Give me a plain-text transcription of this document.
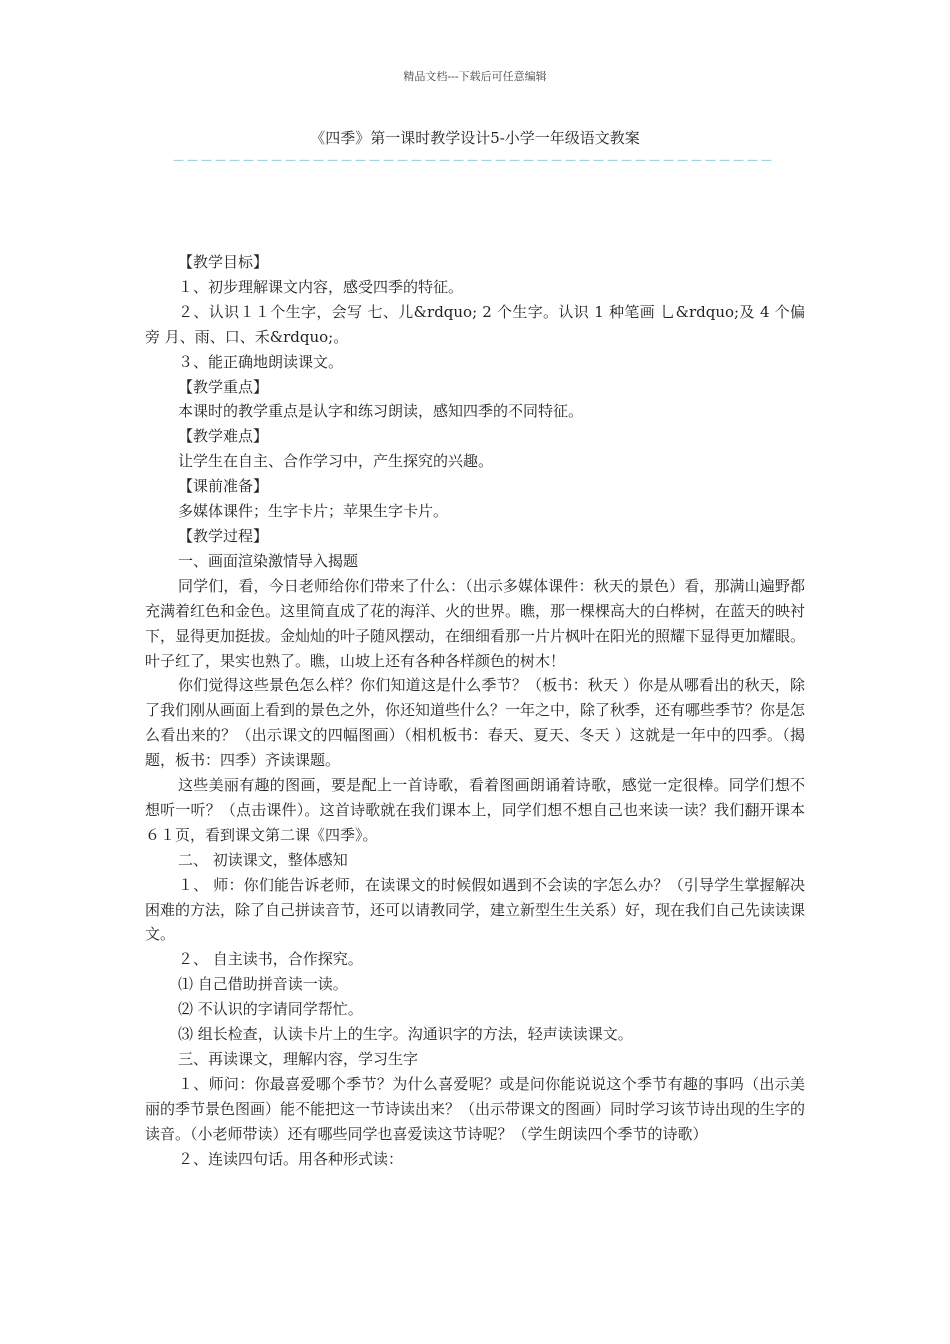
精品文档---下载后可任意编辑
《四季》第一课时教学设计5-小学一年级语文教案
－－－－－－－－－－－－－－－－－－－－－－－－－－－－－－－－－－－－－－－－－－－

【教学目标】

１、初步理解课文内容，感受四季的特征。

２、认识１１个生字，会写 七、儿&rdquo; 2 个生字。认识 1 种笔画 乚&rdquo;及 4 个偏旁 月、雨、口、禾&rdquo;。

３、能正确地朗读课文。

【教学重点】

本课时的教学重点是认字和练习朗读，感知四季的不同特征。

【教学难点】

让学生在自主、合作学习中，产生探究的兴趣。

【课前准备】

多媒体课件；生字卡片；苹果生字卡片。

【教学过程】

一、画面渲染激情导入揭题

同学们，看，今日老师给你们带来了什么：（出示多媒体课件：秋天的景色）看，那满山遍野都充满着红色和金色。这里简直成了花的海洋、火的世界。瞧，那一棵棵高大的白桦树，在蓝天的映衬下，显得更加挺拔。金灿灿的叶子随风摆动，在细细看那一片片枫叶在阳光的照耀下显得更加耀眼。叶子红了，果实也熟了。瞧，山坡上还有各种各样颜色的树木！

你们觉得这些景色怎么样？你们知道这是什么季节？（板书：秋天 ）你是从哪看出的秋天，除了我们刚从画面上看到的景色之外，你还知道些什么？一年之中，除了秋季，还有哪些季节？你是怎么看出来的？（出示课文的四幅图画）（相机板书：春天、夏天、冬天 ）这就是一年中的四季。（揭题，板书：四季）齐读课题。

这些美丽有趣的图画，要是配上一首诗歌，看着图画朗诵着诗歌，感觉一定很棒。同学们想不想听一听？（点击课件）。这首诗歌就在我们课本上，同学们想不想自己也来读一读？我们翻开课本６１页，看到课文第二课《四季》。

二、 初读课文，整体感知

１、 师：你们能告诉老师，在读课文的时候假如遇到不会读的字怎么办？（引导学生掌握解决困难的方法，除了自己拼读音节，还可以请教同学，建立新型生生关系）好，现在我们自己先读读课文。

２、 自主读书，合作探究。

⑴ 自己借助拼音读一读。

⑵ 不认识的字请同学帮忙。

⑶ 组长检查，认读卡片上的生字。沟通识字的方法，轻声读读课文。

三、再读课文，理解内容，学习生字

１、师问：你最喜爱哪个季节？为什么喜爱呢？或是问你能说说这个季节有趣的事吗（出示美丽的季节景色图画）能不能把这一节诗读出来？（出示带课文的图画）同时学习该节诗出现的生字的读音。（小老师带读）还有哪些同学也喜爱读这节诗呢？（学生朗读四个季节的诗歌）

２、连读四句话。用各种形式读：
